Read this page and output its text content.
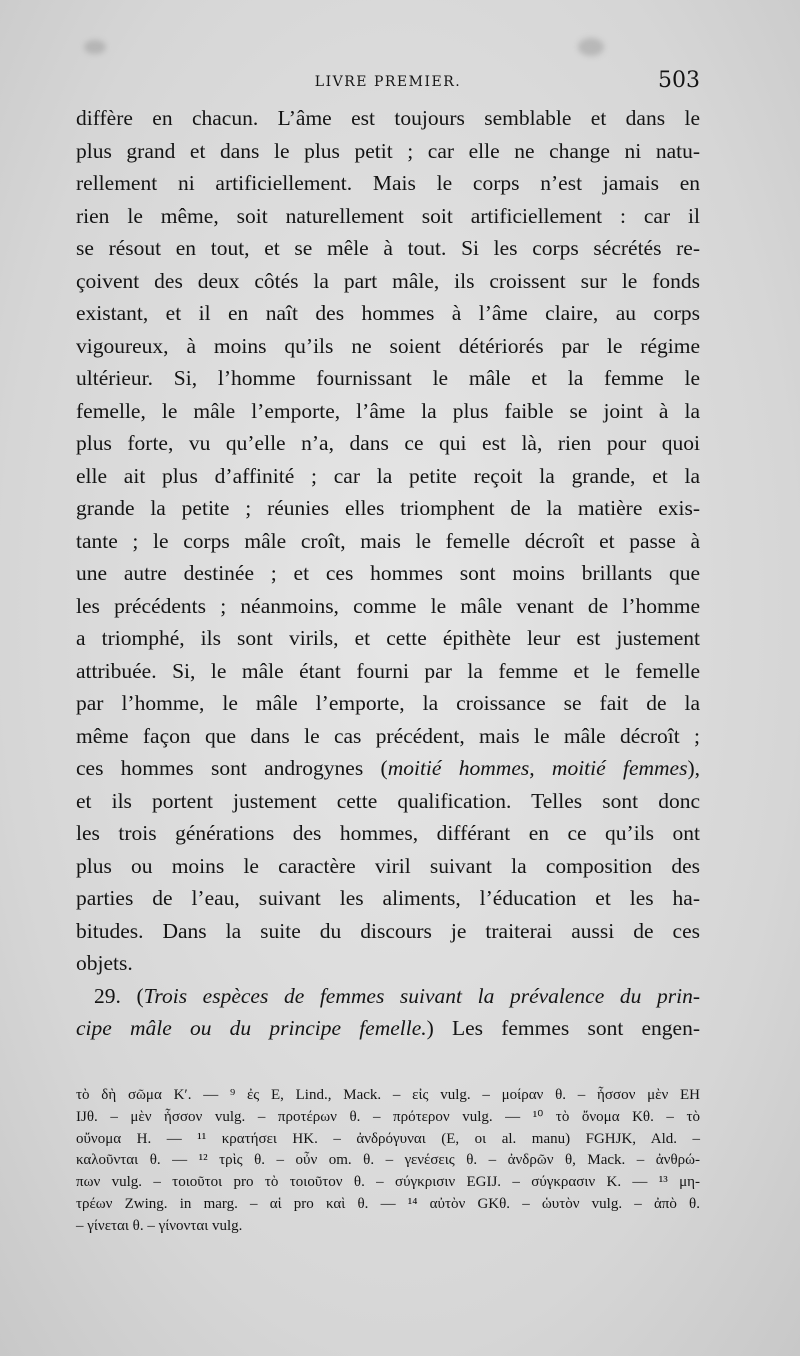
LIVRE PREMIER.	503
diffère en chacun. L’âme est toujours semblable et dans le
plus grand et dans le plus petit ; car elle ne change ni natu-
rellement ni artificiellement. Mais le corps n’est jamais en
rien le même, soit naturellement soit artificiellement : car il
se résout en tout, et se mêle à tout. Si les corps sécrétés re-
çoivent des deux côtés la part mâle, ils croissent sur le fonds
existant, et il en naît des hommes à l’âme claire, au corps
vigoureux, à moins qu’ils ne soient détériorés par le régime
ultérieur. Si, l’homme fournissant le mâle et la femme le
femelle, le mâle l’emporte, l’âme la plus faible se joint à la
plus forte, vu qu’elle n’a, dans ce qui est là, rien pour quoi
elle ait plus d’affinité ; car la petite reçoit la grande, et la
grande la petite ; réunies elles triomphent de la matière exis-
tante ; le corps mâle croît, mais le femelle décroît et passe à
une autre destinée ; et ces hommes sont moins brillants que
les précédents ; néanmoins, comme le mâle venant de l’homme
a triomphé, ils sont virils, et cette épithète leur est justement
attribuée. Si, le mâle étant fourni par la femme et le femelle
par l’homme, le mâle l’emporte, la croissance se fait de la
même façon que dans le cas précédent, mais le mâle décroît ;
ces hommes sont androgynes (moitié hommes, moitié femmes),
et ils portent justement cette qualification. Telles sont donc
les trois générations des hommes, différant en ce qu’ils ont
plus ou moins le caractère viril suivant la composition des
parties de l’eau, suivant les aliments, l’éducation et les ha-
bitudes. Dans la suite du discours je traiterai aussi de ces
objets.
29. (Trois espèces de femmes suivant la prévalence du prin-
cipe mâle ou du principe femelle.) Les femmes sont engen-
τὸ δὴ σῶμα K′. — ⁹ ἐς E, Lind., Mack. – εἰς vulg. – μοίραν θ. – ἧσσον μὲν EH
IJθ. – μὲν ἧσσον vulg. – προτέρων θ. – πρότερον vulg. — ¹⁰ τὸ ὄνομα Kθ. – τὸ
οὔνομα H. — ¹¹ κρατήσει HK. – ἀνδρόγυναι (E, οι al. manu) FGHJK, Ald. –
καλοῦνται θ. — ¹² τρὶς θ. – οὖν om. θ. – γενέσεις θ. – ἀνδρῶν θ, Mack. – ἀνθρώ-
πων vulg. – τοιοῦτοι pro τὸ τοιοῦτον θ. – σύγκρισιν EGIJ. – σύγκρασιν K. — ¹³ μη-
τρέων Zwing. in marg. – αἱ pro καὶ θ. — ¹⁴ αὐτὸν GKθ. – ὡυτὸν vulg. – ἀπὸ θ.
– γίνεται θ. – γίνονται vulg.
